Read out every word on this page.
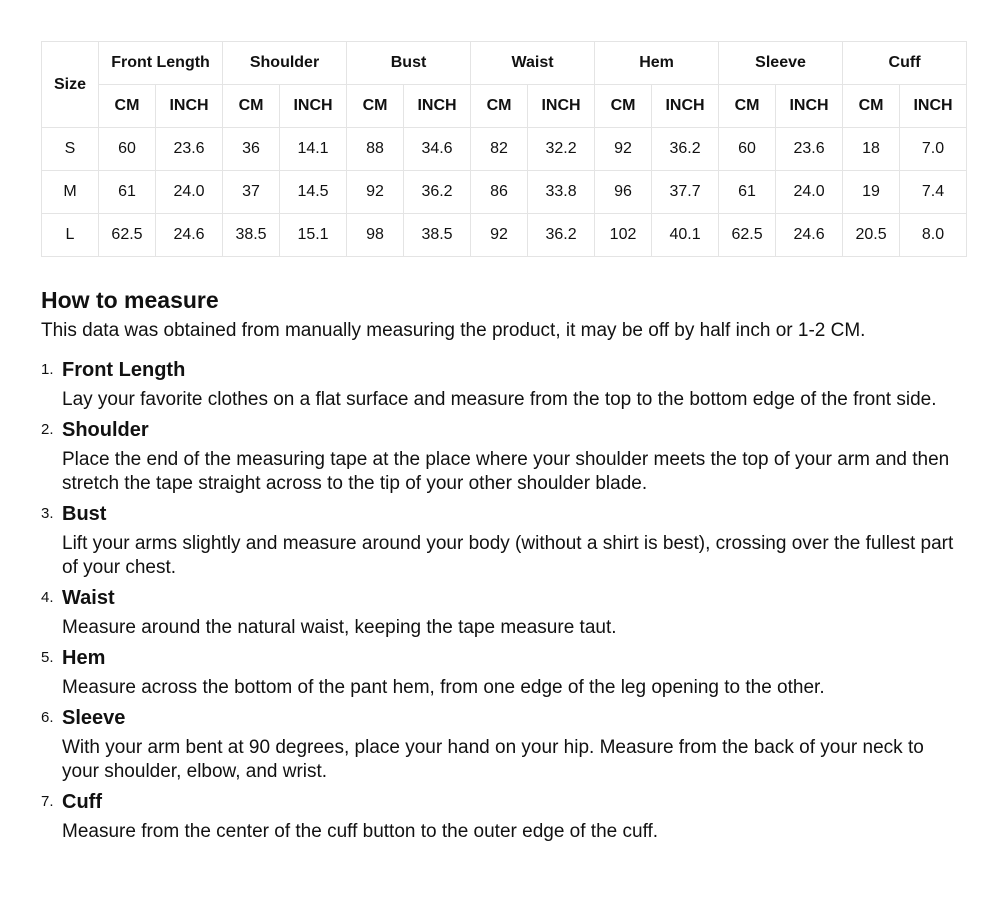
Size	Front Length		Shoulder		Bust		Waist		Hem		Sleeve		Cuff	
	CM	INCH	CM	INCH	CM	INCH	CM	INCH	CM	INCH	CM	INCH	CM	INCH
S	60	23.6	36	14.1	88	34.6	82	32.2	92	36.2	60	23.6	18	7.0
M	61	24.0	37	14.5	92	36.2	86	33.8	96	37.7	61	24.0	19	7.4
L	62.5	24.6	38.5	15.1	98	38.5	92	36.2	102	40.1	62.5	24.6	20.5	8.0
How to measure

This data was obtained from manually measuring the product, it may be off by half inch or 1-2 CM.

1. Front Length
Lay your favorite clothes on a flat surface and measure from the top to the bottom edge of the front side.
2. Shoulder
Place the end of the measuring tape at the place where your shoulder meets the top of your arm and then stretch the tape straight across to the tip of your other shoulder blade.
3. Bust
Lift your arms slightly and measure around your body (without a shirt is best), crossing over the fullest part of your chest.
4. Waist
Measure around the natural waist, keeping the tape measure taut.
5. Hem
Measure across the bottom of the pant hem, from one edge of the leg opening to the other.
6. Sleeve
With your arm bent at 90 degrees, place your hand on your hip. Measure from the back of your neck to your shoulder, elbow, and wrist.
7. Cuff
Measure from the center of the cuff button to the outer edge of the cuff.
